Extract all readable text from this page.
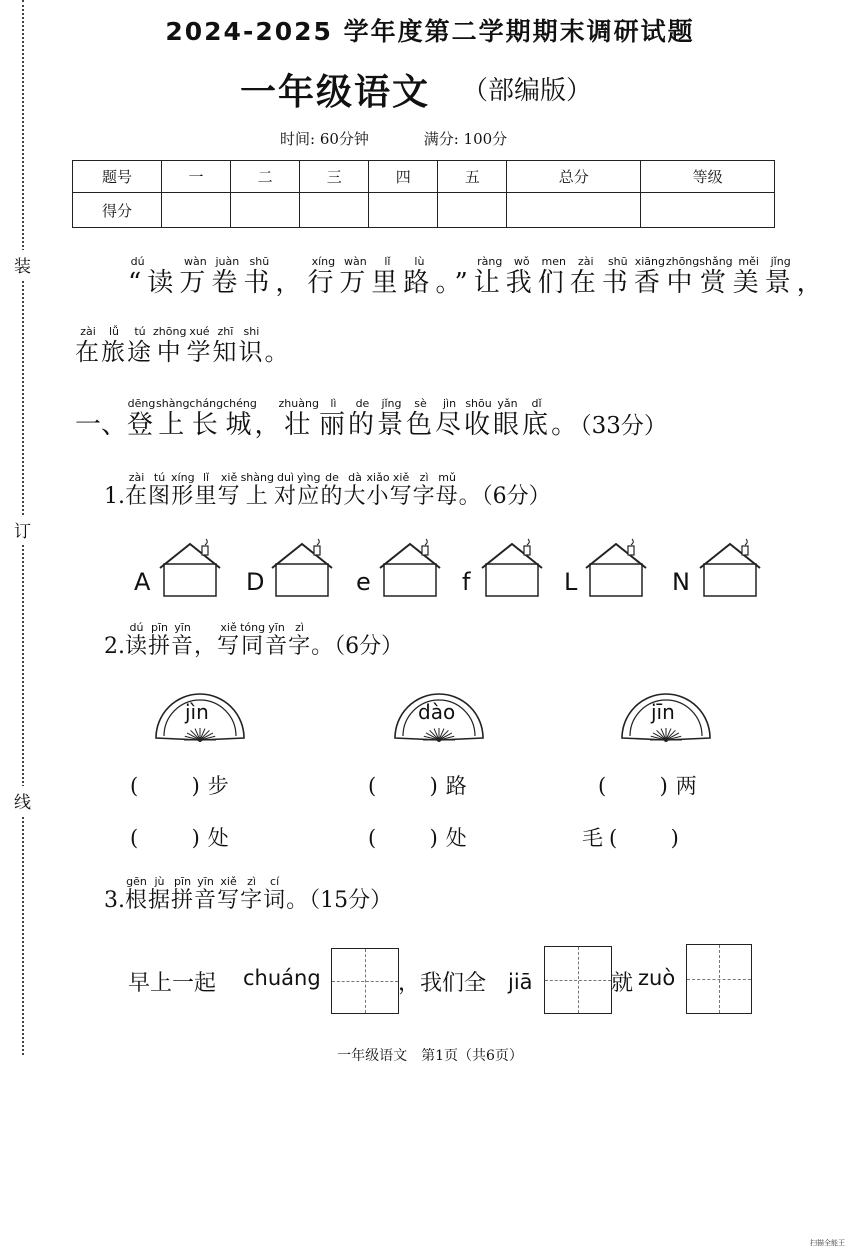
装
订
线
2024-2025 学年度第二学期期末调研试题
一年级语文 （部编版）
时间: 60分钟	满分: 100分
题号	一	二	三	四	五	总分	等级
得分							
“dú读万wàn卷juàn书shū，行xíng万wàn里lǐ路lù。”让ràng我wǒ们men在zài书shū香xiāng中zhōng赏shǎng美měi景jǐng，
在zài旅lǚ途tú中zhōng学xué知zhī识shi。
一、登dēng上shàng长cháng城chéng，壮zhuàng丽lì的de景jǐng色sè尽jìn收shōu眼yǎn底dǐ。（33分）
1.在zài图tú形xíng里lǐ写xiě上shàng对duì应yìng的de大dà小xiǎo写xiě字zì母mǔ。（6分）
A	D	e	f	L	N
2.读dú拼pīn音yīn，写xiě同tóng音yīn字zì。（6分）
jìn	dào	jīn
(        ) 步	(        ) 路	(        ) 两
(        ) 处	(        ) 处	毛 (        )
3.根gēn据jù拼pīn音yīn写xiě字zì词cí。（15分）
早上一起 chuáng	，我们全 jiā	就 zuò
一年级语文　第1页（共6页）
扫描全能王
